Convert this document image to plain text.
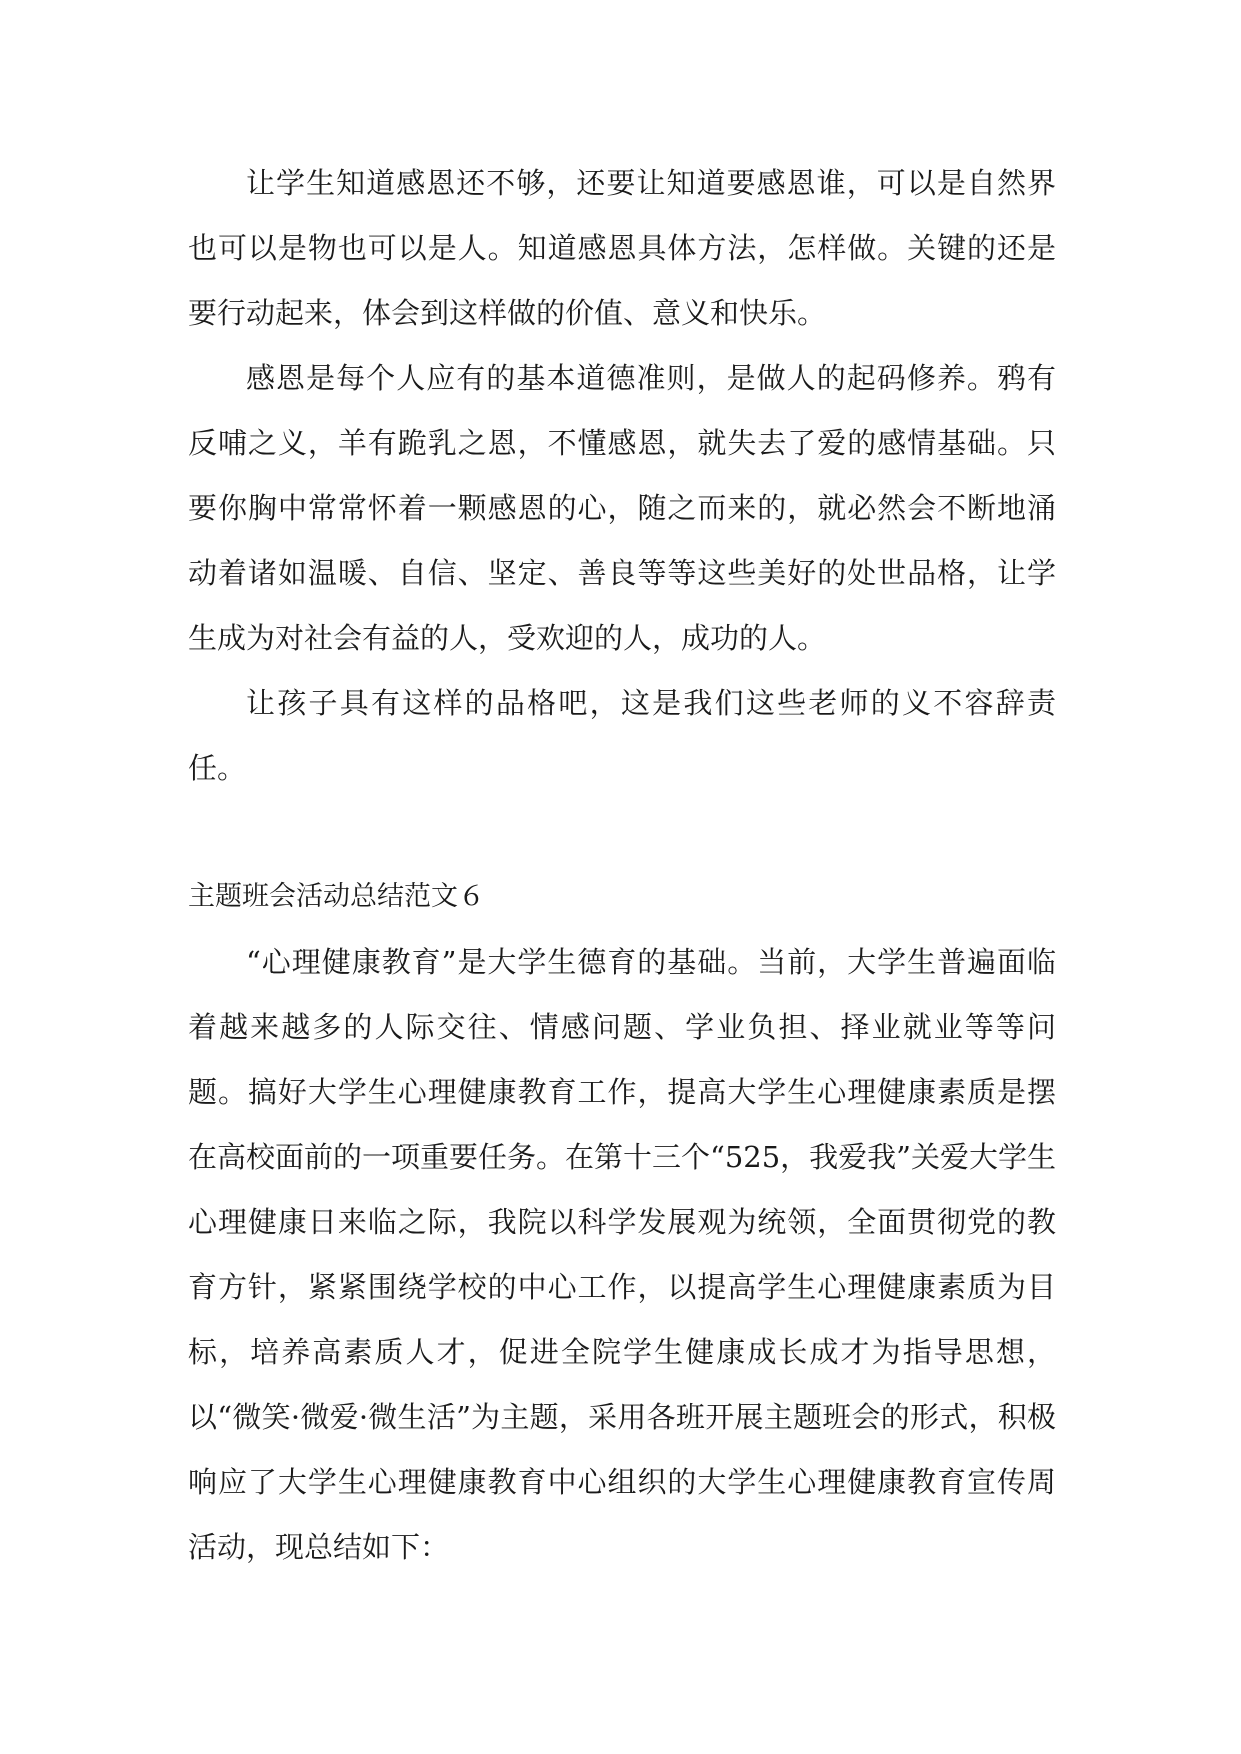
让学生知道感恩还不够，还要让知道要感恩谁，可以是自然界也可以是物也可以是人。知道感恩具体方法，怎样做。关键的还是要行动起来，体会到这样做的价值、意义和快乐。

感恩是每个人应有的基本道德准则，是做人的起码修养。鸦有反哺之义，羊有跪乳之恩，不懂感恩，就失去了爱的感情基础。只要你胸中常常怀着一颗感恩的心，随之而来的，就必然会不断地涌动着诸如温暖、自信、坚定、善良等等这些美好的处世品格，让学生成为对社会有益的人，受欢迎的人，成功的人。

让孩子具有这样的品格吧，这是我们这些老师的义不容辞责任。

主题班会活动总结范文６

“心理健康教育”是大学生德育的基础。当前，大学生普遍面临着越来越多的人际交往、情感问题、学业负担、择业就业等等问题。搞好大学生心理健康教育工作，提高大学生心理健康素质是摆在高校面前的一项重要任务。在第十三个“525，我爱我”关爱大学生心理健康日来临之际，我院以科学发展观为统领，全面贯彻党的教育方针，紧紧围绕学校的中心工作，以提高学生心理健康素质为目标，培养高素质人才，促进全院学生健康成长成才为指导思想，以“微笑·微爱·微生活”为主题，采用各班开展主题班会的形式，积极响应了大学生心理健康教育中心组织的大学生心理健康教育宣传周活动，现总结如下：
